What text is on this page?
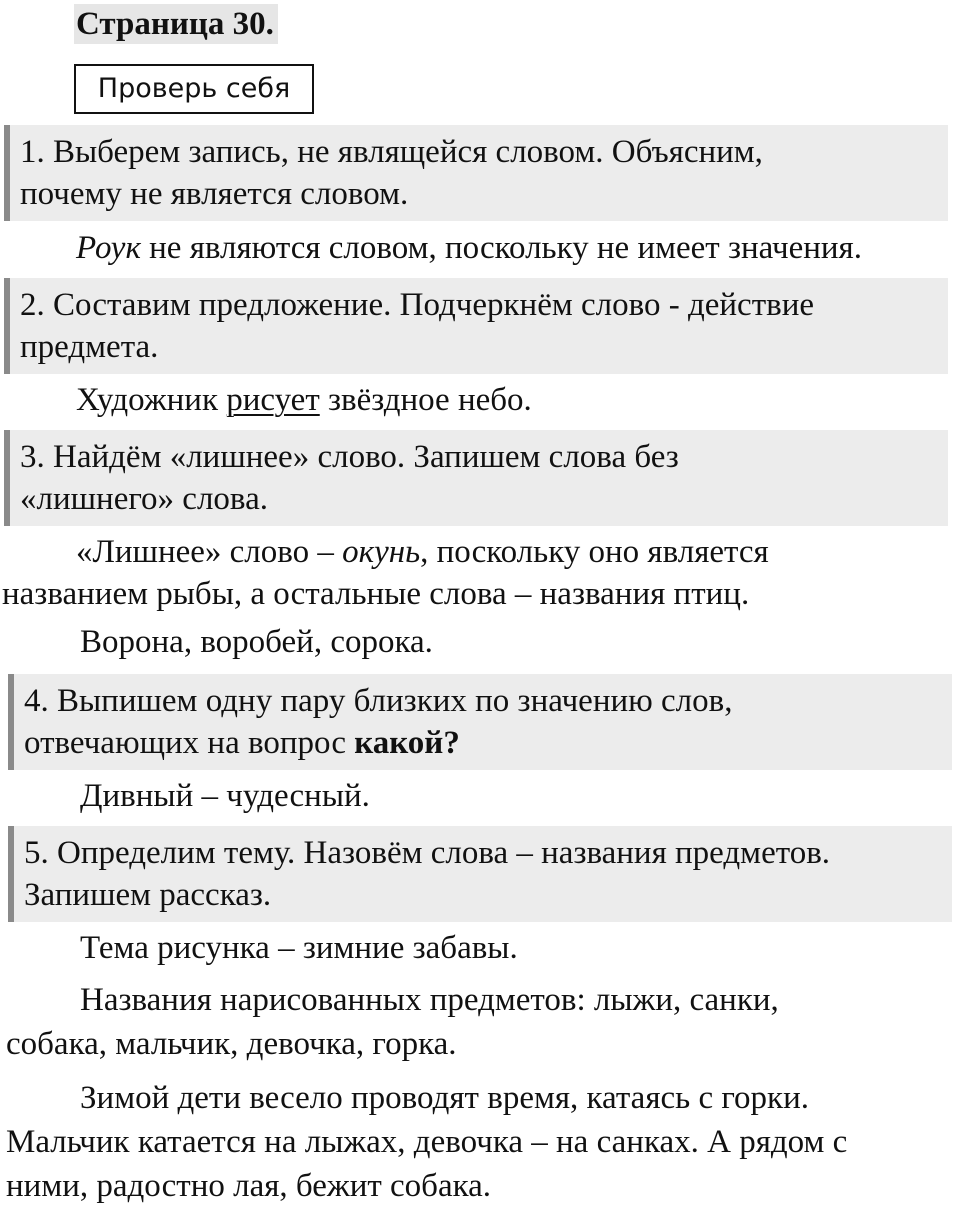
Страница 30.
Проверь себя
1. Выберем запись, не являщейся словом. Объясним,
почему не является словом.
Роук не являются словом, поскольку не имеет значения.
2. Составим предложение. Подчеркнём слово - действие
предмета.
Художник рисует звёздное небо.
3. Найдём «лишнее» слово. Запишем слова без
«лишнего» слова.
«Лишнее» слово – окунь, поскольку оно является
названием рыбы, а остальные слова – названия птиц.
Ворона, воробей, сорока.
4. Выпишем одну пару близких по значению слов,
отвечающих на вопрос какой?
Дивный – чудесный.
5. Определим тему. Назовём слова – названия предметов.
Запишем рассказ.
Тема рисунка – зимние забавы.
Названия нарисованных предметов: лыжи, санки,
собака, мальчик, девочка, горка.
Зимой дети весело проводят время, катаясь с горки.
Мальчик катается на лыжах, девочка – на санках. А рядом с
ними, радостно лая, бежит собака.
